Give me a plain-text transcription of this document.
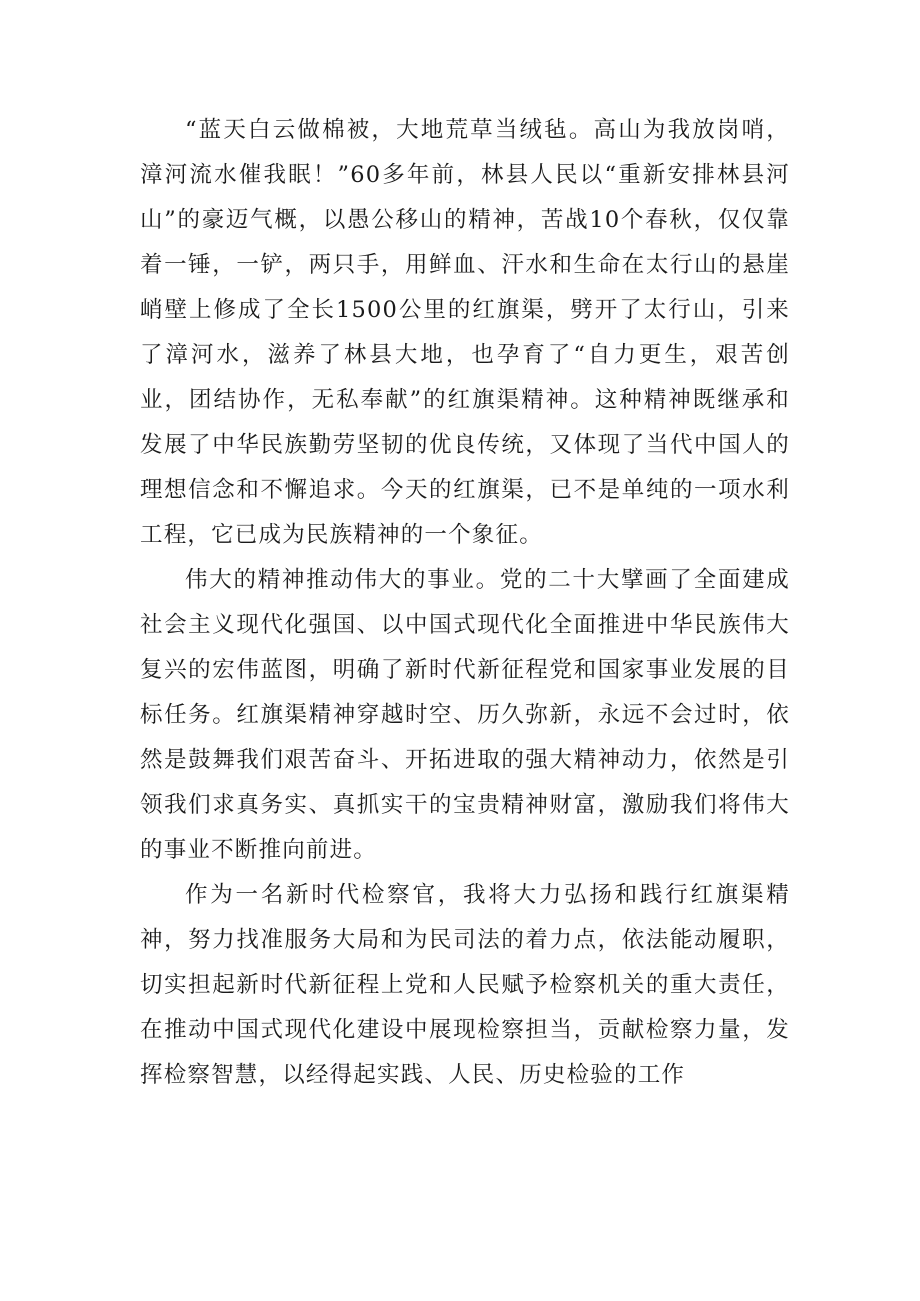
“蓝天白云做棉被，大地荒草当绒毡。高山为我放岗哨，漳河流水催我眠！”60多年前，林县人民以“重新安排林县河山”的豪迈气概，以愚公移山的精神，苦战10个春秋，仅仅靠着一锤，一铲，两只手，用鲜血、汗水和生命在太行山的悬崖峭壁上修成了全长1500公里的红旗渠，劈开了太行山，引来了漳河水，滋养了林县大地，也孕育了“自力更生，艰苦创业，团结协作，无私奉献”的红旗渠精神。这种精神既继承和发展了中华民族勤劳坚韧的优良传统，又体现了当代中国人的理想信念和不懈追求。今天的红旗渠，已不是单纯的一项水利工程，它已成为民族精神的一个象征。

伟大的精神推动伟大的事业。党的二十大擘画了全面建成社会主义现代化强国、以中国式现代化全面推进中华民族伟大复兴的宏伟蓝图，明确了新时代新征程党和国家事业发展的目标任务。红旗渠精神穿越时空、历久弥新，永远不会过时，依然是鼓舞我们艰苦奋斗、开拓进取的强大精神动力，依然是引领我们求真务实、真抓实干的宝贵精神财富，激励我们将伟大的事业不断推向前进。

作为一名新时代检察官，我将大力弘扬和践行红旗渠精神，努力找准服务大局和为民司法的着力点，依法能动履职，切实担起新时代新征程上党和人民赋予检察机关的重大责任，在推动中国式现代化建设中展现检察担当，贡献检察力量，发挥检察智慧，以经得起实践、人民、历史检验的工作
